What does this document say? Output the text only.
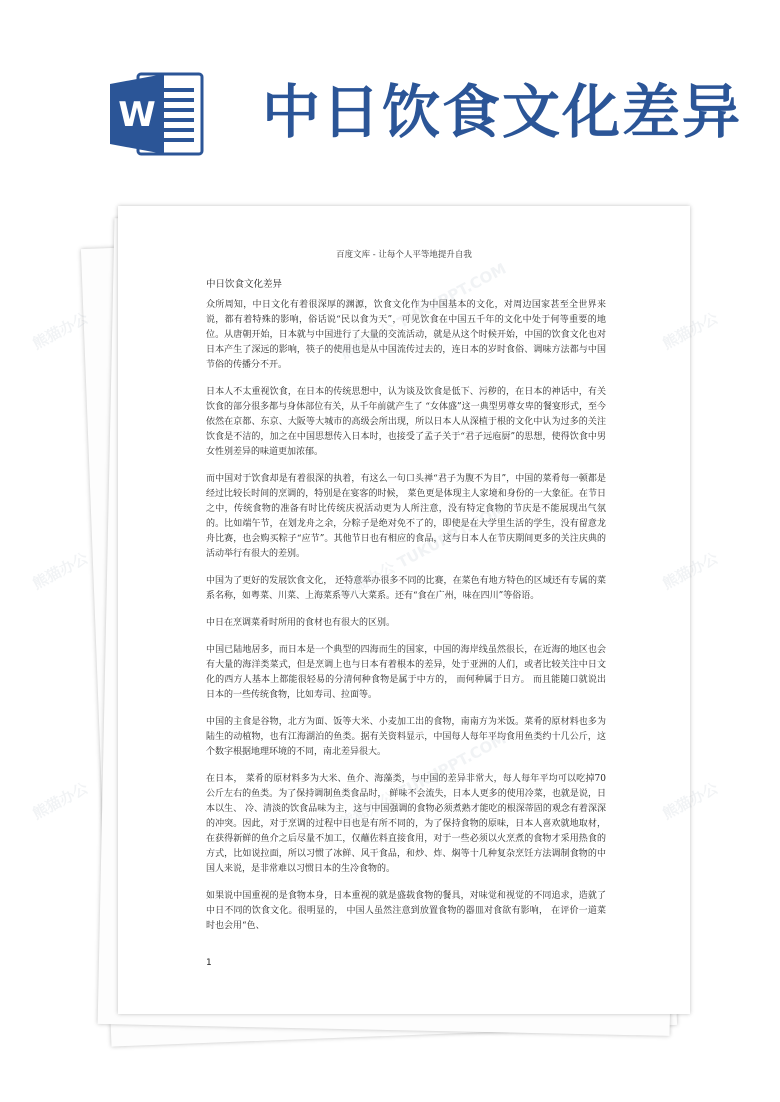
W 中日饮食文化差异
百度文库 - 让每个人平等地提升自我
中日饮食文化差异

众所周知，中日文化有着很深厚的渊源，饮食文化作为中国基本的文化，对周边国家甚至全世界来说，都有着特殊的影响，俗话说“民以食为天”，可见饮食在中国五千年的文化中处于何等重要的地位。从唐朝开始，日本就与中国进行了大量的交流活动，就是从这个时候开始，中国的饮食文化也对日本产生了深远的影响，筷子的使用也是从中国流传过去的，连日本的岁时食俗、调味方法都与中国节俗的传播分不开。

日本人不太重视饮食，在日本的传统思想中，认为谈及饮食是低下、污秽的，在日本的神话中，有关饮食的部分很多都与身体部位有关，从千年前就产生了 “女体盛”这一典型男尊女卑的餐宴形式，至今依然在京都、东京、大阪等大城市的高级会所出现，所以日本人从深植于根的文化中认为过多的关注饮食是不洁的，加之在中国思想传入日本时，也接受了孟子关于“君子远庖厨”的思想，使得饮食中男女性别差异的味道更加浓郁。

而中国对于饮食却是有着很深的执着，有这么一句口头禅“君子为腹不为目”，中国的菜肴每一顿都是经过比较长时间的烹调的，特别是在宴客的时候， 菜色更是体现主人家境和身份的一大象征。在节日之中，传统食物的准备有时比传统庆祝活动更为人所注意，没有特定食物的节庆是不能展现出气氛的。比如端午节，在划龙舟之余，分粽子是绝对免不了的，即使是在大学里生活的学生，没有留意龙舟比赛，也会购买粽子“应节”。其他节日也有相应的食品，这与日本人在节庆期间更多的关注庆典的活动举行有很大的差别。

中国为了更好的发展饮食文化， 还特意举办很多不同的比赛，在菜色有地方特色的区域还有专属的菜系名称，如粤菜、川菜、上海菜系等八大菜系。还有“食在广州，味在四川”等俗语。

中日在烹调菜肴时所用的食材也有很大的区别。

中国已陆地居多，而日本是一个典型的四海而生的国家，中国的海岸线虽然很长，在近海的地区也会有大量的海洋类菜式，但是烹调上也与日本有着根本的差异，处于亚洲的人们，或者比较关注中日文化的西方人基本上都能很轻易的分清何种食物是属于中方的， 而何种属于日方。 而且能随口就说出日本的一些传统食物，比如寿司、拉面等。

中国的主食是谷物，北方为面、饭等大米、小麦加工出的食物，南南方为米饭。菜肴的原材料也多为陆生的动植物，也有江海湖泊的鱼类。据有关资料显示，中国每人每年平均食用鱼类约十几公斤，这个数字根据地理环境的不同，南北差异很大。

在日本， 菜肴的原材料多为大米、鱼介、海藻类，与中国的差异非常大，每人每年平均可以吃掉70公斤左右的鱼类。为了保持调制鱼类食品时， 鲜味不会流失，日本人更多的使用冷菜，也就是说，日本以生、 冷、清淡的饮食品味为主，这与中国强调的食物必须煮熟才能吃的根深蒂固的观念有着深深的冲突。因此，对于烹调的过程中日也是有所不同的，为了保持食物的原味，日本人喜欢就地取材，在获得新鲜的鱼介之后尽量不加工，仅蘸佐料直接食用，对于一些必须以火烹煮的食物才采用热食的方式，比如说拉面，所以习惯了冰鲜、风干食品，和炒、炸、焖等十几种复杂烹饪方法调制食物的中国人来说，是非常难以习惯日本的生冷食物的。

如果说中国重视的是食物本身，日本重视的就是盛载食物的餐具，对味觉和视觉的不同追求，造就了中日不同的饮食文化。很明显的， 中国人虽然注意到放置食物的器皿对食欲有影响， 在评价一道菜时也会用“色、

1
熊猫办公	熊猫办公
熊猫办公	熊猫办公
熊猫办公	熊猫办公
